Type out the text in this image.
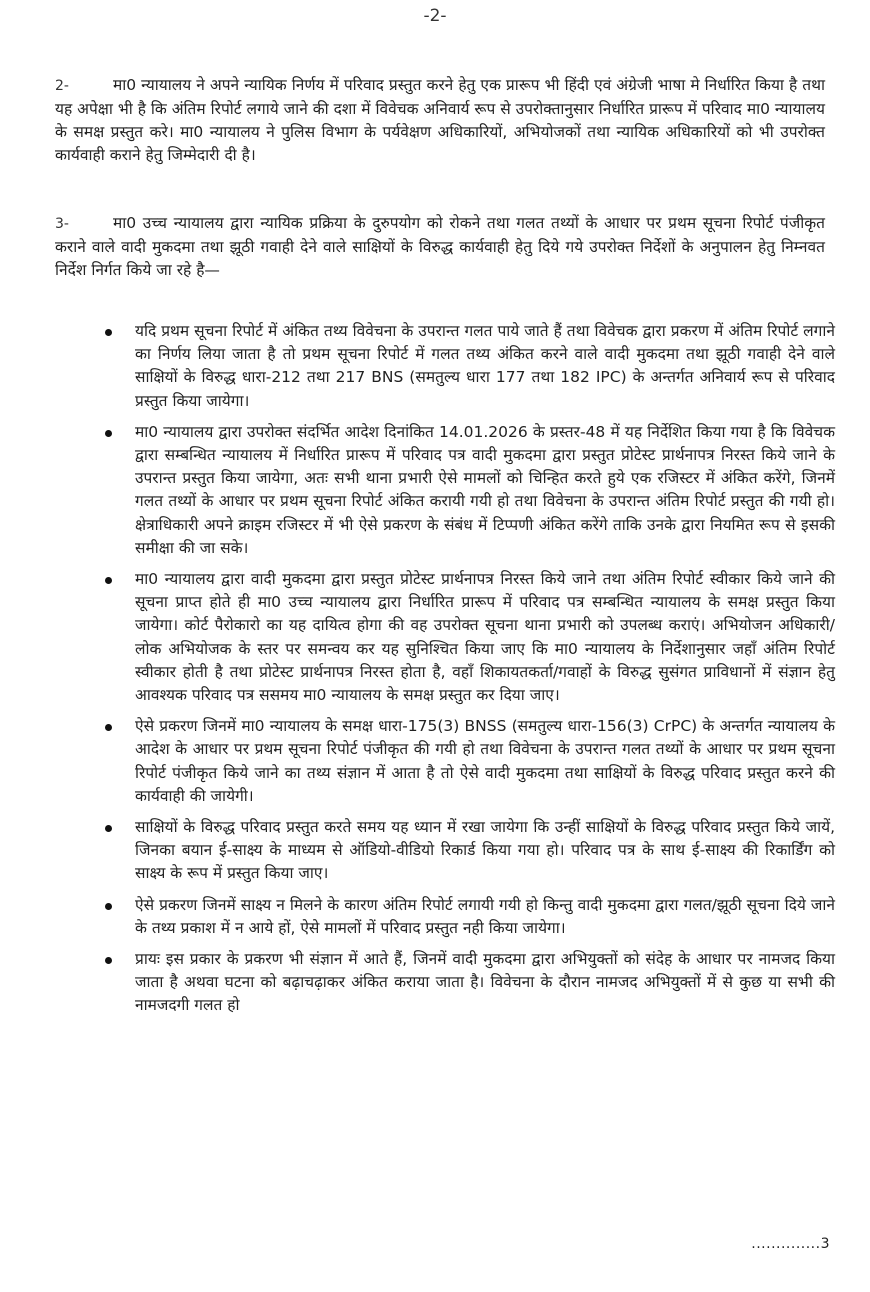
-2-
2-	मा0 न्यायालय ने अपने न्यायिक निर्णय में परिवाद प्रस्तुत करने हेतु एक प्रारूप भी हिंदी एवं अंग्रेजी भाषा मे निर्धारित किया है तथा यह अपेक्षा भी है कि अंतिम रिपोर्ट लगाये जाने की दशा में विवेचक अनिवार्य रूप से उपरोक्तानुसार निर्धारित प्रारूप में परिवाद मा0 न्यायालय के समक्ष प्रस्तुत करे। मा0 न्यायालय ने पुलिस विभाग के पर्यवेक्षण अधिकारियों, अभियोजकों तथा न्यायिक अधिकारियों को भी उपरोक्त कार्यवाही कराने हेतु जिम्मेदारी दी है।
3-	मा0 उच्च न्यायालय द्वारा न्यायिक प्रक्रिया के दुरुपयोग को रोकने तथा गलत तथ्यों के आधार पर प्रथम सूचना रिपोर्ट पंजीकृत कराने वाले वादी मुकदमा तथा झूठी गवाही देने वाले साक्षियों के विरुद्ध कार्यवाही हेतु दिये गये उपरोक्त निर्देशों के अनुपालन हेतु निम्नवत निर्देश निर्गत किये जा रहे है—
यदि प्रथम सूचना रिपोर्ट में अंकित तथ्य विवेचना के उपरान्त गलत पाये जाते हैं तथा विवेचक द्वारा प्रकरण में अंतिम रिपोर्ट लगाने का निर्णय लिया जाता है तो प्रथम सूचना रिपोर्ट में गलत तथ्य अंकित करने वाले वादी मुकदमा तथा झूठी गवाही देने वाले साक्षियों के विरुद्ध धारा-212 तथा 217 BNS (समतुल्य धारा 177 तथा 182 IPC) के अन्तर्गत अनिवार्य रूप से परिवाद प्रस्तुत किया जायेगा।
मा0 न्यायालय द्वारा उपरोक्त संदर्भित आदेश दिनांकित 14.01.2026 के प्रस्तर-48 में यह निर्देशित किया गया है कि विवेचक द्वारा सम्बन्धित न्यायालय में निर्धारित प्रारूप में परिवाद पत्र वादी मुकदमा द्वारा प्रस्तुत प्रोटेस्ट प्रार्थनापत्र निरस्त किये जाने के उपरान्त प्रस्तुत किया जायेगा, अतः सभी थाना प्रभारी ऐसे मामलों को चिन्हित करते हुये एक रजिस्टर में अंकित करेंगे, जिनमें गलत तथ्यों के आधार पर प्रथम सूचना रिपोर्ट अंकित करायी गयी हो तथा विवेचना के उपरान्त अंतिम रिपोर्ट प्रस्तुत की गयी हो। क्षेत्राधिकारी अपने क्राइम रजिस्टर में भी ऐसे प्रकरण के संबंध में टिप्पणी अंकित करेंगे ताकि उनके द्वारा नियमित रूप से इसकी समीक्षा की जा सके।
मा0 न्यायालय द्वारा वादी मुकदमा द्वारा प्रस्तुत प्रोटेस्ट प्रार्थनापत्र निरस्त किये जाने तथा अंतिम रिपोर्ट स्वीकार किये जाने की सूचना प्राप्त होते ही मा0 उच्च न्यायालय द्वारा निर्धारित प्रारूप में परिवाद पत्र सम्बन्धित न्यायालय के समक्ष प्रस्तुत किया जायेगा। कोर्ट पैरोकारो का यह दायित्व होगा की वह उपरोक्त सूचना थाना प्रभारी को उपलब्ध कराएं। अभियोजन अधिकारी/लोक अभियोजक के स्तर पर समन्वय कर यह सुनिश्चित किया जाए कि मा0 न्यायालय के निर्देशानुसार जहाँ अंतिम रिपोर्ट स्वीकार होती है तथा प्रोटेस्ट प्रार्थनापत्र निरस्त होता है, वहाँ शिकायतकर्ता/गवाहों के विरुद्ध सुसंगत प्राविधानों में संज्ञान हेतु आवश्यक परिवाद पत्र ससमय मा0 न्यायालय के समक्ष प्रस्तुत कर दिया जाए।
ऐसे प्रकरण जिनमें मा0 न्यायालय के समक्ष धारा-175(3) BNSS (समतुल्य धारा-156(3) CrPC) के अन्तर्गत न्यायालय के आदेश के आधार पर प्रथम सूचना रिपोर्ट पंजीकृत की गयी हो तथा विवेचना के उपरान्त गलत तथ्यों के आधार पर प्रथम सूचना रिपोर्ट पंजीकृत किये जाने का तथ्य संज्ञान में आता है तो ऐसे वादी मुकदमा तथा साक्षियों के विरुद्ध परिवाद प्रस्तुत करने की कार्यवाही की जायेगी।
साक्षियों के विरुद्ध परिवाद प्रस्तुत करते समय यह ध्यान में रखा जायेगा कि उन्हीं साक्षियों के विरुद्ध परिवाद प्रस्तुत किये जायें, जिनका बयान ई-साक्ष्य के माध्यम से ऑडियो-वीडियो रिकार्ड किया गया हो। परिवाद पत्र के साथ ई-साक्ष्य की रिकार्डिंग को साक्ष्य के रूप में प्रस्तुत किया जाए।
ऐसे प्रकरण जिनमें साक्ष्य न मिलने के कारण अंतिम रिपोर्ट लगायी गयी हो किन्तु वादी मुकदमा द्वारा गलत/झूठी सूचना दिये जाने के तथ्य प्रकाश में न आये हों, ऐसे मामलों में परिवाद प्रस्तुत नही किया जायेगा।
प्रायः इस प्रकार के प्रकरण भी संज्ञान में आते हैं, जिनमें वादी मुकदमा द्वारा अभियुक्तों को संदेह के आधार पर नामजद किया जाता है अथवा घटना को बढ़ाचढ़ाकर अंकित कराया जाता है। विवेचना के दौरान नामजद अभियुक्तों में से कुछ या सभी की नामजदगी गलत हो
..............3
